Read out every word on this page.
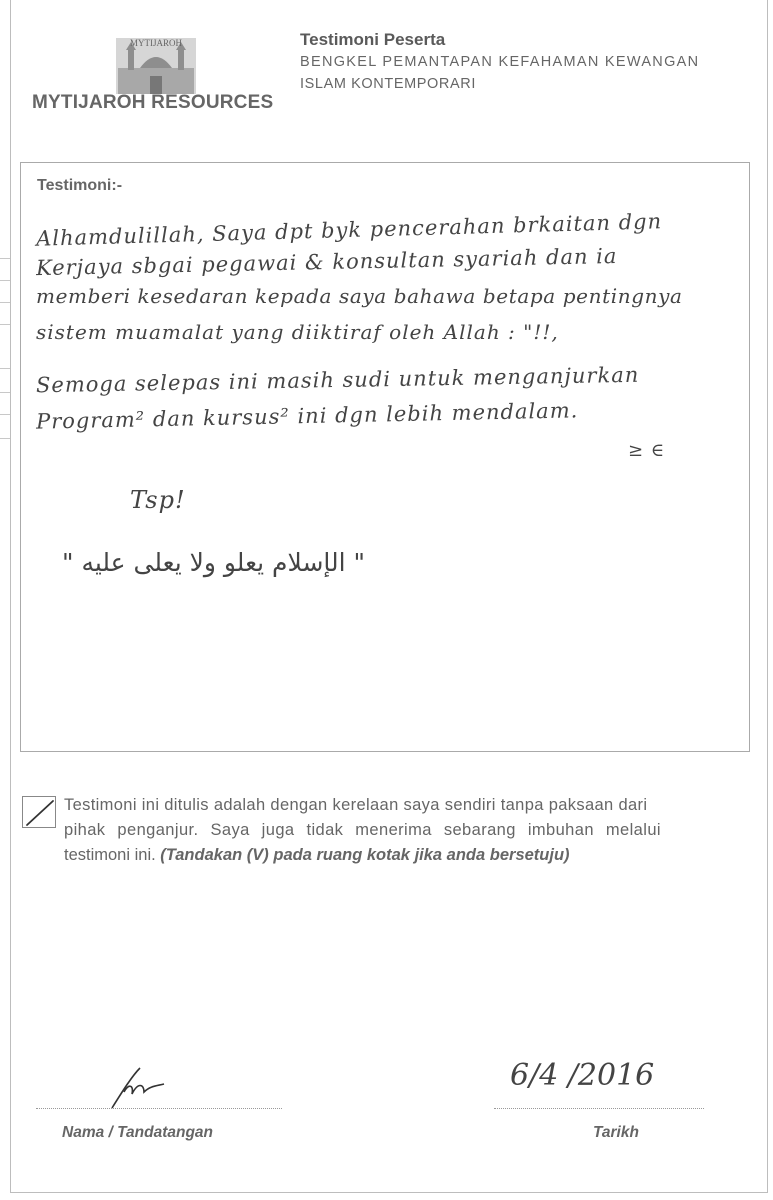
MYTIJAROH
MYTIJAROH RESOURCES
Testimoni Peserta
BENGKEL PEMANTAPAN KEFAHAMAN KEWANGAN
ISLAM KONTEMPORARI
Testimoni:-
Alhamdulillah, Saya dpt byk pencerahan brkaitan dgn
Kerjaya sbgai pegawai & konsultan syariah dan ia
memberi kesedaran kepada saya bahawa betapa pentingnya
sistem muamalat yang diiktiraf oleh Allah : "!!,
Semoga selepas ini masih sudi untuk menganjurkan
Program² dan kursus² ini dgn lebih mendalam.
≥ ∈
Tsp!
" الإسلام يعلو ولا يعلى عليه "
Testimoni ini ditulis adalah dengan kerelaan saya sendiri tanpa paksaan dari
pihak penganjur. Saya juga tidak menerima sebarang imbuhan melalui
testimoni ini. (Tandakan (V) pada ruang kotak jika anda bersetuju)
Nama / Tandatangan
6/4 /2016
Tarikh
